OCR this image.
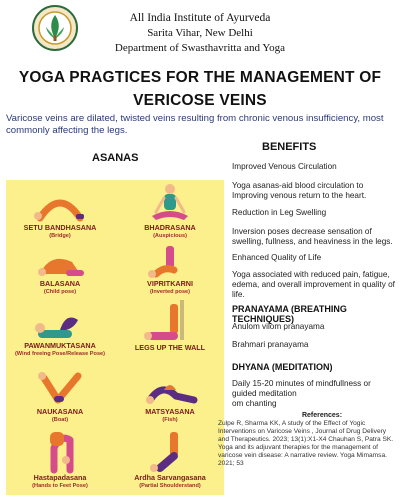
All India Institute of Ayurveda
Sarita Vihar, New Delhi
Department of Swasthavritta and Yoga
YOGA PRAGTICES FOR THE MANAGEMENT OF
VERICOSE VEINS
Varicose veins are dilated, twisted veins resulting from chronic venous insufficiency, most commonly affecting the legs.
ASANAS
SETU BANDHASANA
(Bridge)
BHADRASANA
(Auspicious)
BALASANA
(Child pose)
VIPRITKARNI
(Inverted pose)
PAWANMUKTASANA
(Wind freeing Pose/Release Pose)
LEGS UP THE WALL
NAUKASANA
(Boat)
MATSYASANA
(Fish)
Hastapadasana
(Hands to Feet Pose)
Ardha Sarvangasana
(Partial Shoulderstand)
BENEFITS
Improved Venous Circulation
Yoga asanas-aid blood circulation to Improving venous return to the heart.
Reduction in Leg Swelling
Inversion poses decrease sensation of swelling, fullness, and heaviness in the legs.
Enhanced Quality of Life
Yoga associated with reduced pain, fatigue, edema, and overall improvement in quality of life.
PRANAYAMA (BREATHING TECHNIQUES)
Anulom vilom pranayama
Brahmari pranayama
DHYANA (MEDITATION)
Daily 15-20 minutes of mindfullness or guided meditation
om chanting
References:
Zulpe R, Sharma KK, A study of the Effect of Yogic Interventions on Varicose Veins , Journal of Drug Delivery and Therapeutics. 2023; 13(1):X1-X4 Chauhan S, Patra SK. Yoga and its adjuvant therapies for the management of varicose vein disease: A narrative review. Yoga Mimamsa. 2021; 53
